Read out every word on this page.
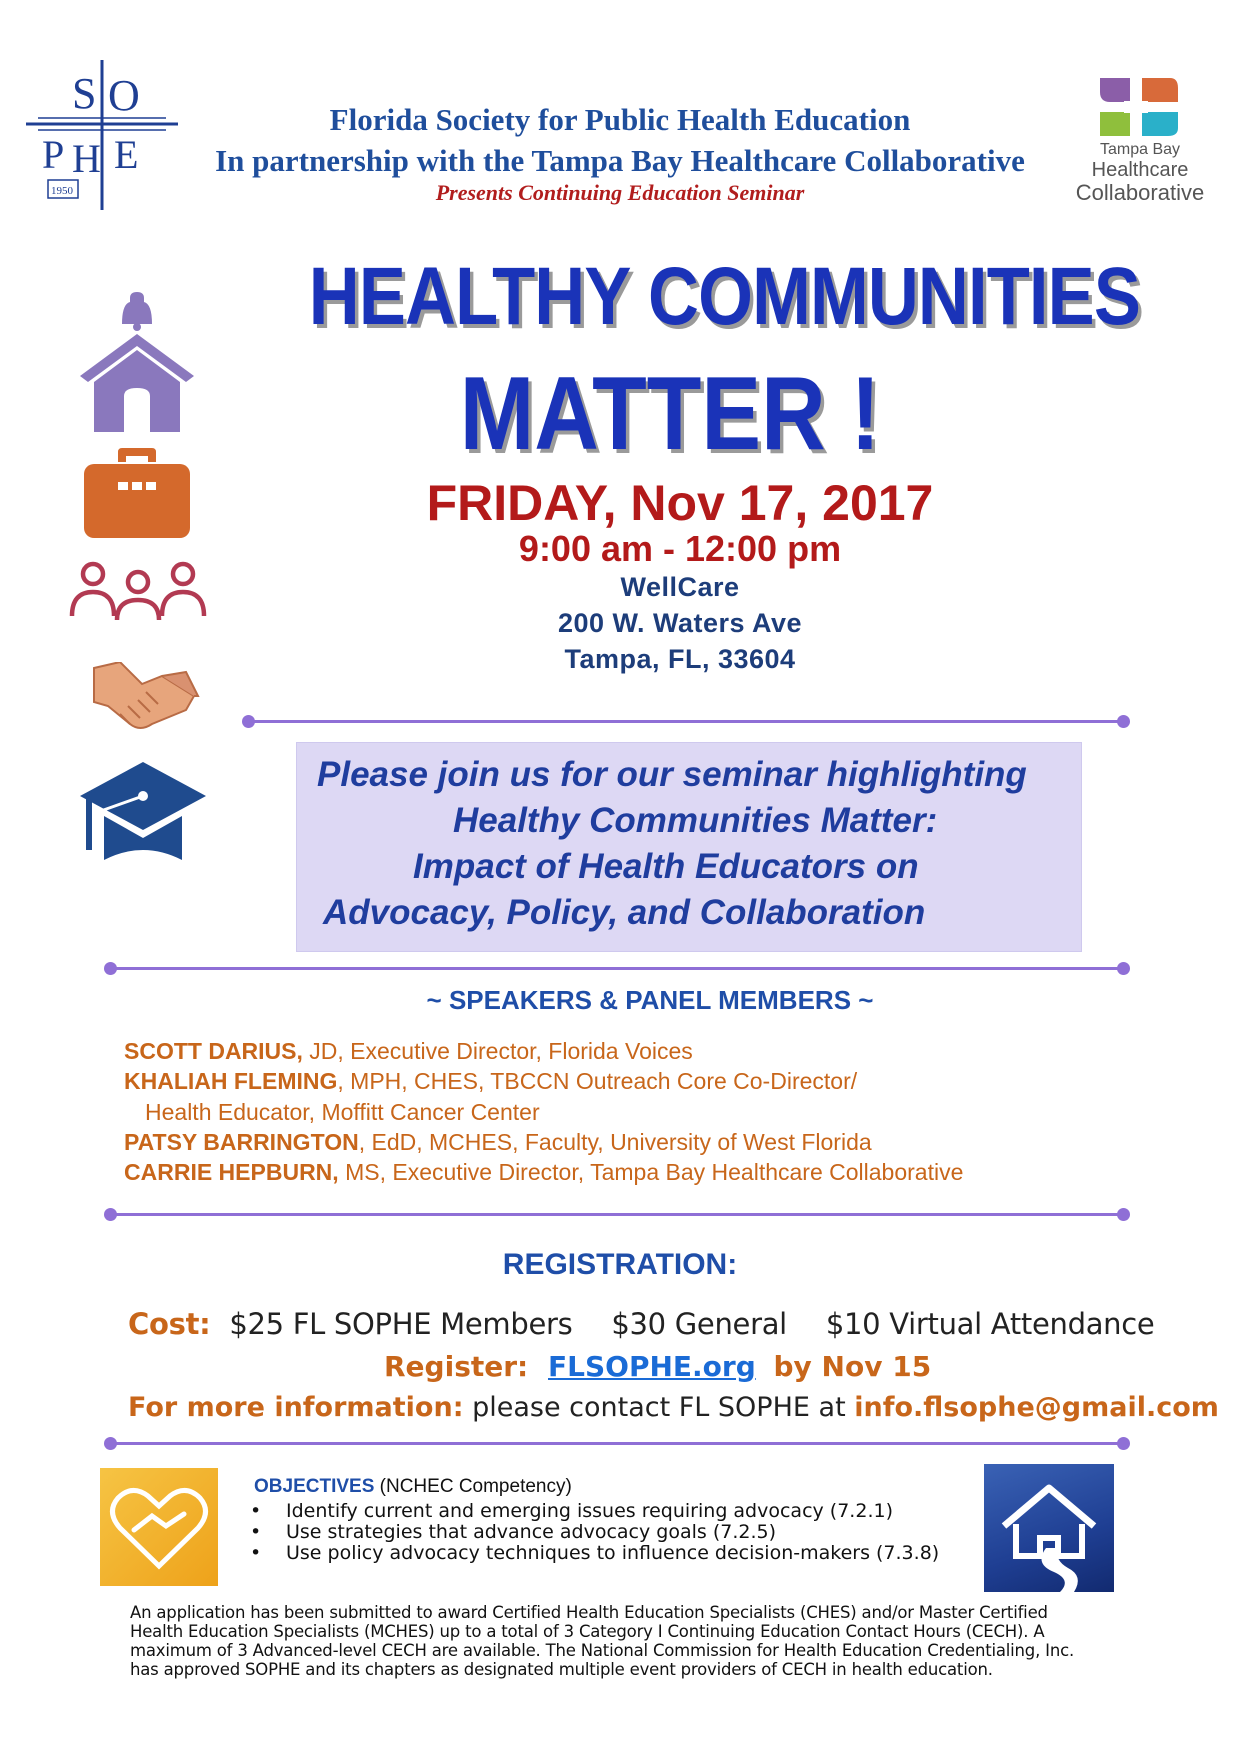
S O
P H E
1950
Tampa Bay
Healthcare
Collaborative
Florida Society for Public Health Education
In partnership with the Tampa Bay Healthcare Collaborative
Presents Continuing Education Seminar
HEALTHY COMMUNITIES
MATTER !
FRIDAY, Nov 17, 2017
9:00 am - 12:00 pm
WellCare
200 W. Waters Ave
Tampa, FL, 33604
Please join us for our seminar highlighting
Healthy Communities Matter:
Impact of Health Educators on
Advocacy, Policy, and Collaboration
~ SPEAKERS & PANEL MEMBERS ~
SCOTT DARIUS, JD, Executive Director, Florida Voices
KHALIAH FLEMING, MPH, CHES, TBCCN Outreach Core Co-Director/
Health Educator, Moffitt Cancer Center
PATSY BARRINGTON, EdD, MCHES, Faculty, University of West Florida
CARRIE HEPBURN, MS, Executive Director, Tampa Bay Healthcare Collaborative
REGISTRATION:
Cost: $25 FL SOPHE Members $30 General $10 Virtual Attendance
Register: FLSOPHE.org by Nov 15
For more information: please contact FL SOPHE at info.flsophe@gmail.com
OBJECTIVES (NCHEC Competency)
• Identify current and emerging issues requiring advocacy (7.2.1)
• Use strategies that advance advocacy goals (7.2.5)
• Use policy advocacy techniques to influence decision-makers (7.3.8)
An application has been submitted to award Certified Health Education Specialists (CHES) and/or Master Certified
Health Education Specialists (MCHES) up to a total of 3 Category I Continuing Education Contact Hours (CECH). A
maximum of 3 Advanced-level CECH are available. The National Commission for Health Education Credentialing, Inc.
has approved SOPHE and its chapters as designated multiple event providers of CECH in health education.
